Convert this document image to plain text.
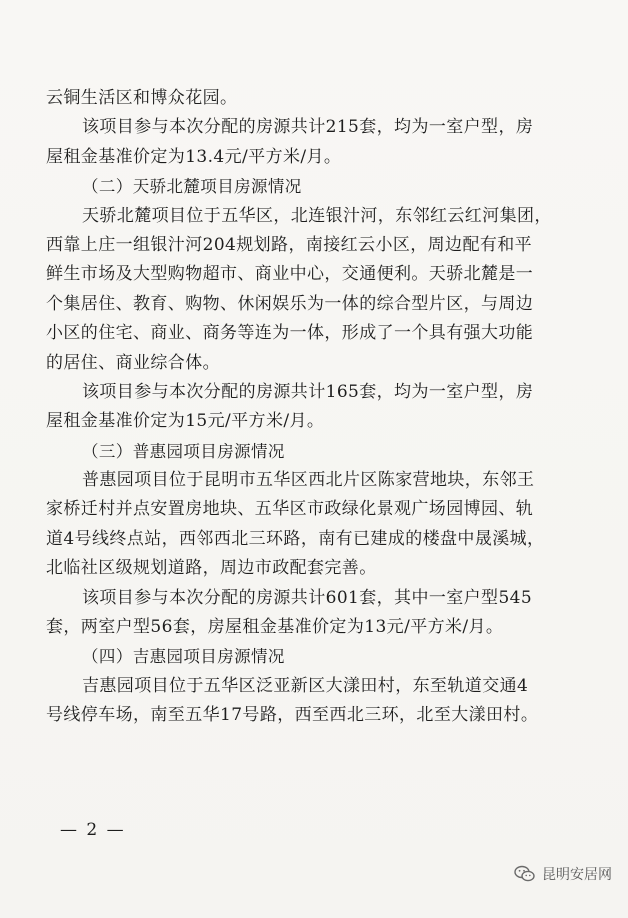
云铜生活区和博众花园。
该项目参与本次分配的房源共计215套，均为一室户型，房
屋租金基准价定为13.4元/平方米/月。
（二）天骄北麓项目房源情况
天骄北麓项目位于五华区，北连银汁河，东邻红云红河集团，
西靠上庄一组银汁河204规划路，南接红云小区，周边配有和平
鲜生市场及大型购物超市、商业中心，交通便利。天骄北麓是一
个集居住、教育、购物、休闲娱乐为一体的综合型片区，与周边
小区的住宅、商业、商务等连为一体，形成了一个具有强大功能
的居住、商业综合体。
该项目参与本次分配的房源共计165套，均为一室户型，房
屋租金基准价定为15元/平方米/月。
（三）普惠园项目房源情况
普惠园项目位于昆明市五华区西北片区陈家营地块，东邻王
家桥迁村并点安置房地块、五华区市政绿化景观广场园博园、轨
道4号线终点站，西邻西北三环路，南有已建成的楼盘中晟溪城，
北临社区级规划道路，周边市政配套完善。
该项目参与本次分配的房源共计601套，其中一室户型545
套，两室户型56套，房屋租金基准价定为13元/平方米/月。
（四）吉惠园项目房源情况
吉惠园项目位于五华区泛亚新区大漾田村，东至轨道交通4
号线停车场，南至五华17号路，西至西北三环，北至大漾田村。
— 2 —
昆明安居网
